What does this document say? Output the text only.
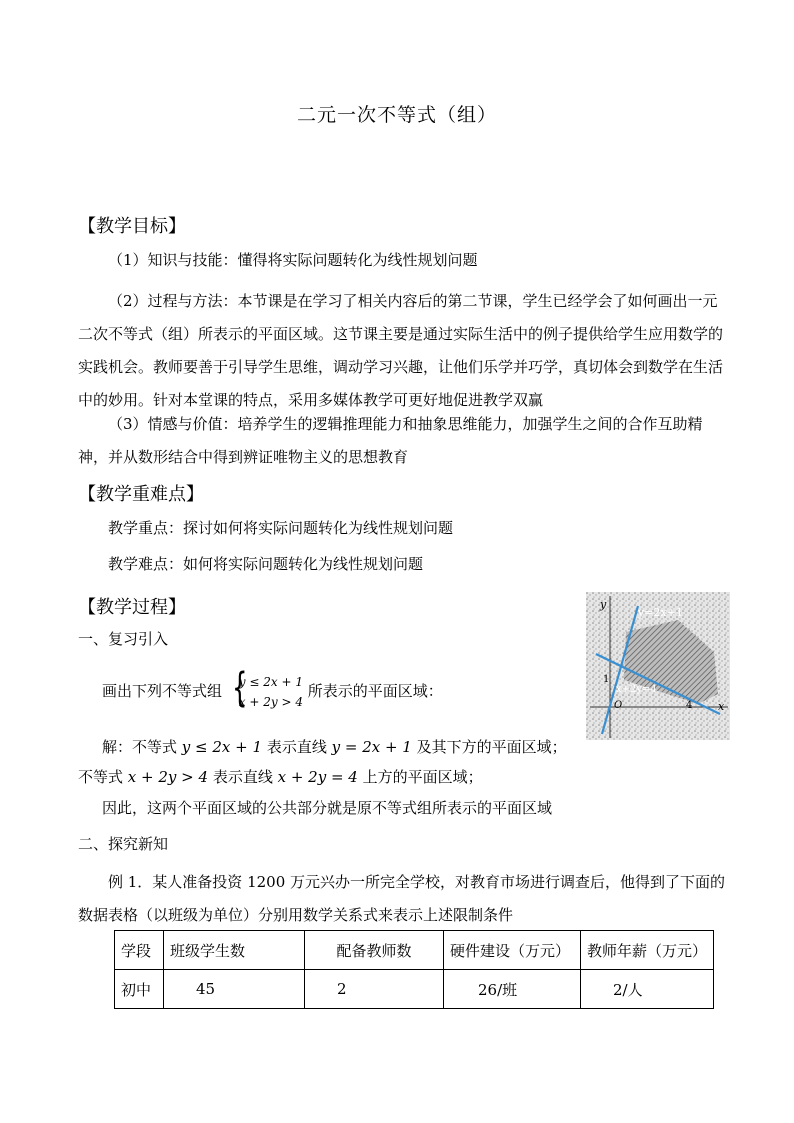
二元一次不等式（组）
【教学目标】
（1）知识与技能：懂得将实际问题转化为线性规划问题
（2）过程与方法：本节课是在学习了相关内容后的第二节课，学生已经学会了如何画出一元二次不等式（组）所表示的平面区域。这节课主要是通过实际生活中的例子提供给学生应用数学的实践机会。教师要善于引导学生思维，调动学习兴趣，让他们乐学并巧学，真切体会到数学在生活中的妙用。针对本堂课的特点，采用多媒体教学可更好地促进教学双赢
（3）情感与价值：培养学生的逻辑推理能力和抽象思维能力，加强学生之间的合作互助精神，并从数形结合中得到辨证唯物主义的思想教育
【教学重难点】
教学重点：探讨如何将实际问题转化为线性规划问题
教学难点：如何将实际问题转化为线性规划问题
【教学过程】
一、复习引入
画出下列不等式组 {
y ≤ 2x + 1
x + 2y > 4
所表示的平面区域：
解：不等式 y ≤ 2x + 1 表示直线 y = 2x + 1 及其下方的平面区域；
不等式 x + 2y > 4 表示直线 x + 2y = 4 上方的平面区域；
因此，这两个平面区域的公共部分就是原不等式组所表示的平面区域
二、探究新知
例 1．某人准备投资 1200 万元兴办一所完全学校，对教育市场进行调查后，他得到了下面的数据表格（以班级为单位）分别用数学关系式来表示上述限制条件
y
x
y=2x+1
x+2y=4
O	4
1
学段	班级学生数	配备教师数	硬件建设（万元）	教师年薪（万元）
初中	45	2	26/班	2/人
